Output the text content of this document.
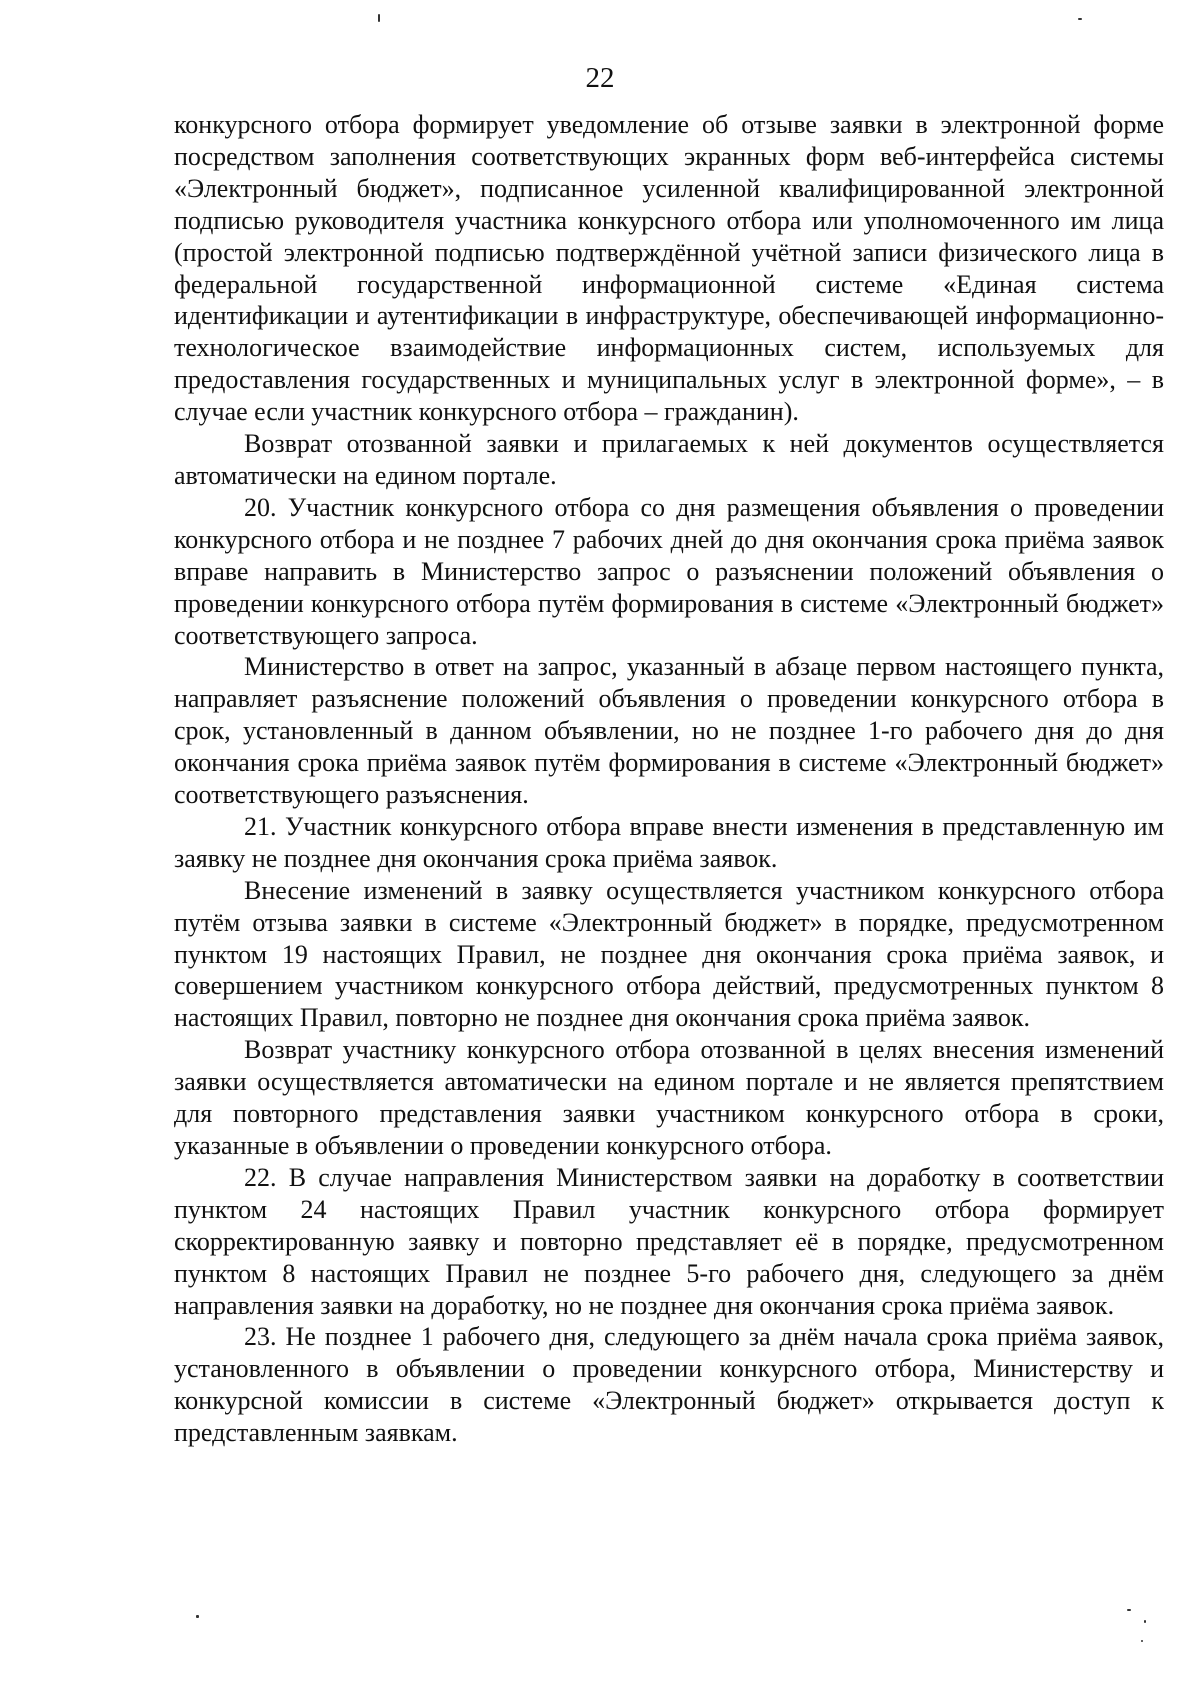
22

конкурсного отбора формирует уведомление об отзыве заявки в электронной форме посредством заполнения соответствующих экранных форм веб-интерфейса системы «Электронный бюджет», подписанное усиленной квалифицированной электронной подписью руководителя участника конкурсного отбора или уполномоченного им лица (простой электронной подписью подтверждённой учётной записи физического лица в федеральной государственной информационной системе «Единая система идентификации и аутентификации в инфраструктуре, обеспечивающей информационно-технологическое взаимодействие информационных систем, используемых для предоставления государственных и муниципальных услуг в электронной форме», – в случае если участник конкурсного отбора – гражданин).

Возврат отозванной заявки и прилагаемых к ней документов осуществляется автоматически на едином портале.

20. Участник конкурсного отбора со дня размещения объявления о проведении конкурсного отбора и не позднее 7 рабочих дней до дня окончания срока приёма заявок вправе направить в Министерство запрос о разъяснении положений объявления о проведении конкурсного отбора путём формирования в системе «Электронный бюджет» соответствующего запроса.

Министерство в ответ на запрос, указанный в абзаце первом настоящего пункта, направляет разъяснение положений объявления о проведении конкурсного отбора в срок, установленный в данном объявлении, но не позднее 1-го рабочего дня до дня окончания срока приёма заявок путём формирования в системе «Электронный бюджет» соответствующего разъяснения.

21. Участник конкурсного отбора вправе внести изменения в представленную им заявку не позднее дня окончания срока приёма заявок.

Внесение изменений в заявку осуществляется участником конкурсного отбора путём отзыва заявки в системе «Электронный бюджет» в порядке, предусмотренном пунктом 19 настоящих Правил, не позднее дня окончания срока приёма заявок, и совершением участником конкурсного отбора действий, предусмотренных пунктом 8 настоящих Правил, повторно не позднее дня окончания срока приёма заявок.

Возврат участнику конкурсного отбора отозванной в целях внесения изменений заявки осуществляется автоматически на едином портале и не является препятствием для повторного представления заявки участником конкурсного отбора в сроки, указанные в объявлении о проведении конкурсного отбора.

22. В случае направления Министерством заявки на доработку в соответствии пунктом 24 настоящих Правил участник конкурсного отбора формирует скорректированную заявку и повторно представляет её в порядке, предусмотренном пунктом 8 настоящих Правил не позднее 5-го рабочего дня, следующего за днём направления заявки на доработку, но не позднее дня окончания срока приёма заявок.

23. Не позднее 1 рабочего дня, следующего за днём начала срока приёма заявок, установленного в объявлении о проведении конкурсного отбора, Министерству и конкурсной комиссии в системе «Электронный бюджет» открывается доступ к представленным заявкам.
